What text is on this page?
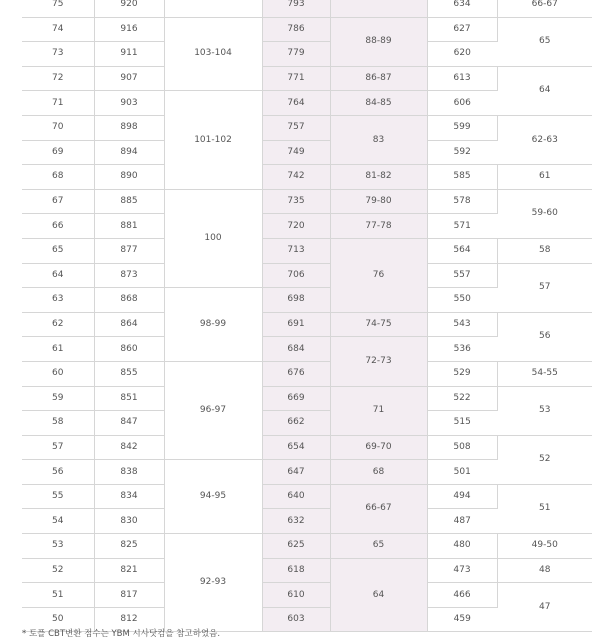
75	920		793		634	66-67
74	916	103-104	786	88-89	627	65
73	911		779		620	
72	907		771	86-87	613	64
71	903	101-102	764	84-85	606	
70	898		757	83	599	62-63
69	894		749		592	
68	890		742	81-82	585	61
67	885	100	735	79-80	578	59-60
66	881		720	77-78	571	
65	877		713	76	564	58
64	873		706		557	57
63	868	98-99	698		550	
62	864		691	74-75	543	56
61	860		684	72-73	536	
60	855	96-97	676		529	54-55
59	851		669	71	522	53
58	847		662		515	
57	842		654	69-70	508	52
56	838	94-95	647	68	501	
55	834		640	66-67	494	51
54	830		632		487	
53	825	92-93	625	65	480	49-50
52	821		618	64	473	48
51	817		610		466	47
50	812		603		459	
* 토플 CBT변환 점수는 YBM 시사닷컴을 참고하였음.
